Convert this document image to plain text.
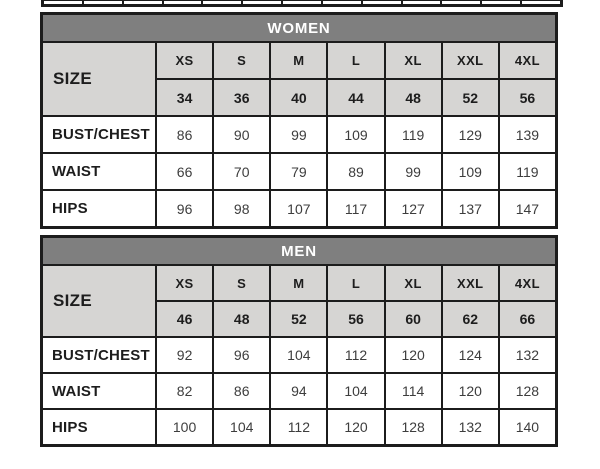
WOMEN
SIZE
XS	S	M	L	XL	XXL	4XL
34	36	40	44	48	52	56
BUST/CHEST	86	90	99	109	119	129	139
WAIST	66	70	79	89	99	109	119
HIPS	96	98	107	117	127	137	147
MEN
SIZE
XS	S	M	L	XL	XXL	4XL
46	48	52	56	60	62	66
BUST/CHEST	92	96	104	112	120	124	132
WAIST	82	86	94	104	114	120	128
HIPS	100	104	112	120	128	132	140
